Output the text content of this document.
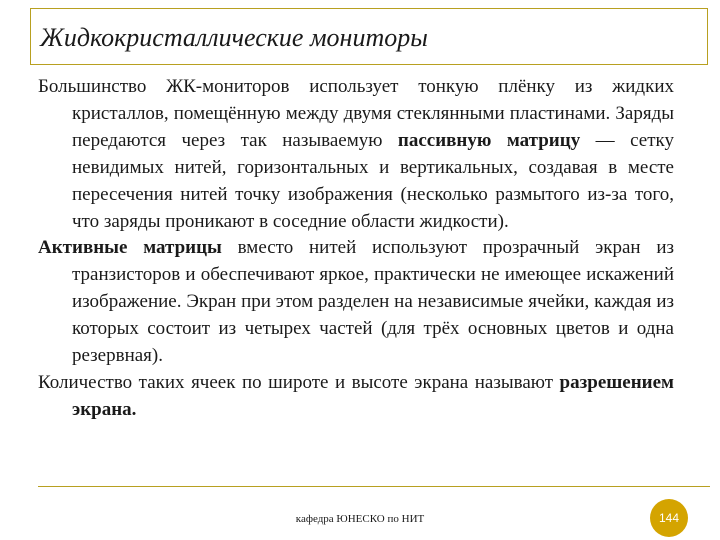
Жидкокристаллические мониторы

Большинство ЖК-мониторов использует тонкую плёнку из жидких кристаллов, помещённую между двумя стеклянными пластинами. Заряды передаются через так называемую пассивную матрицу — сетку невидимых нитей, горизонтальных и вертикальных, создавая в месте пересечения нитей точку изображения (несколько размытого из-за того, что заряды проникают в соседние области жидкости).

Активные матрицы вместо нитей используют прозрачный экран из транзисторов и обеспечивают яркое, практически не имеющее искажений изображение. Экран при этом разделен на независимые ячейки, каждая из которых состоит из четырех частей (для трёх основных цветов и одна резервная).

Количество таких ячеек по широте и высоте экрана называют разрешением экрана.

кафедра ЮНЕСКО по НИТ	144
